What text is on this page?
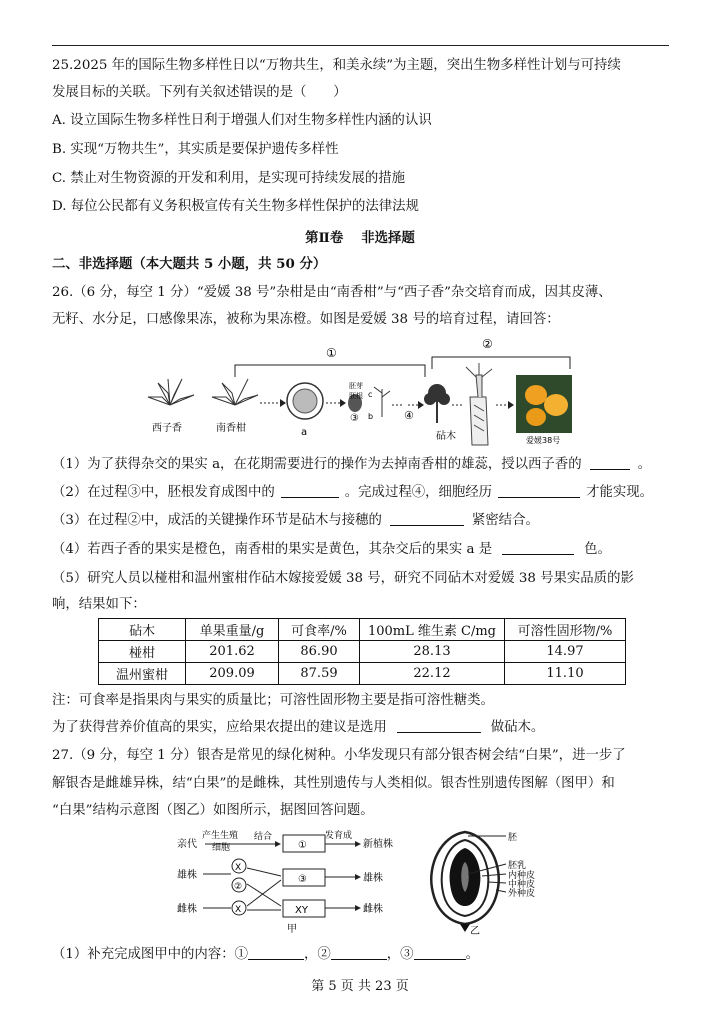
25.2025 年的国际生物多样性日以“万物共生，和美永续”为主题，突出生物多样性计划与可持续
发展目标的关联。下列有关叙述错误的是（　　）
A. 设立国际生物多样性日利于增强人们对生物多样性内涵的认识
B. 实现“万物共生”，其实质是要保护遗传多样性
C. 禁止对生物资源的开发和利用，是实现可持续发展的措施
D. 每位公民都有义务积极宣传有关生物多样性保护的法律法规
第Ⅱ卷　 非选择题
二、非选择题（本大题共 5 小题，共 50 分）
26.（6 分，每空 1 分）“爱媛 38 号”杂柑是由“南香柑”与“西子香”杂交培育而成，因其皮薄、
无籽、水分足，口感像果冻，被称为果冻橙。如图是爱媛 38 号的培育过程，请回答：
①
②
西子香	南香柑	a
胚芽
胚根 c
b
③	④
砧木	爱媛38号
（1）为了获得杂交的果实 a，在花期需要进行的操作为去掉南香柑的雄蕊，授以西子香的	。
（2）在过程③中，胚根发育成图中的	。完成过程④，细胞经历	才能实现。
（3）在过程②中，成活的关键操作环节是砧木与接穗的	紧密结合。
（4）若西子香的果实是橙色，南香柑的果实是黄色，其杂交后的果实 a 是	色。
（5）研究人员以椪柑和温州蜜柑作砧木嫁接爱媛 38 号，研究不同砧木对爱媛 38 号果实品质的影
响，结果如下：
砧木	单果重量/g	可食率/%	100mL 维生素 C/mg	可溶性固形物/%
椪柑	201.62	86.90	28.13	14.97
温州蜜柑	209.09	87.59	22.12	11.10
注：可食率是指果肉与果实的质量比；可溶性固形物主要是指可溶性糖类。
为了获得营养价值高的果实，应给果农提出的建议是选用	做砧木。
27.（9 分，每空 1 分）银杏是常见的绿化树种。小华发现只有部分银杏树会结“白果”，进一步了
解银杏是雌雄异株，结“白果”的是雌株，其性别遗传与人类相似。银杏性别遗传图解（图甲）和
“白果”结构示意图（图乙）如图所示，据图回答问题。
亲代
产生生殖
细胞
结合
①
发育成
新植株
雄株
X
②
③	雄株
雌株	X	XY	雌株
甲
胚
胚乳
内种皮
中种皮
外种皮
乙
（1）补充完成图甲中的内容：①	，②	，③	。
第 5 页 共 23 页
